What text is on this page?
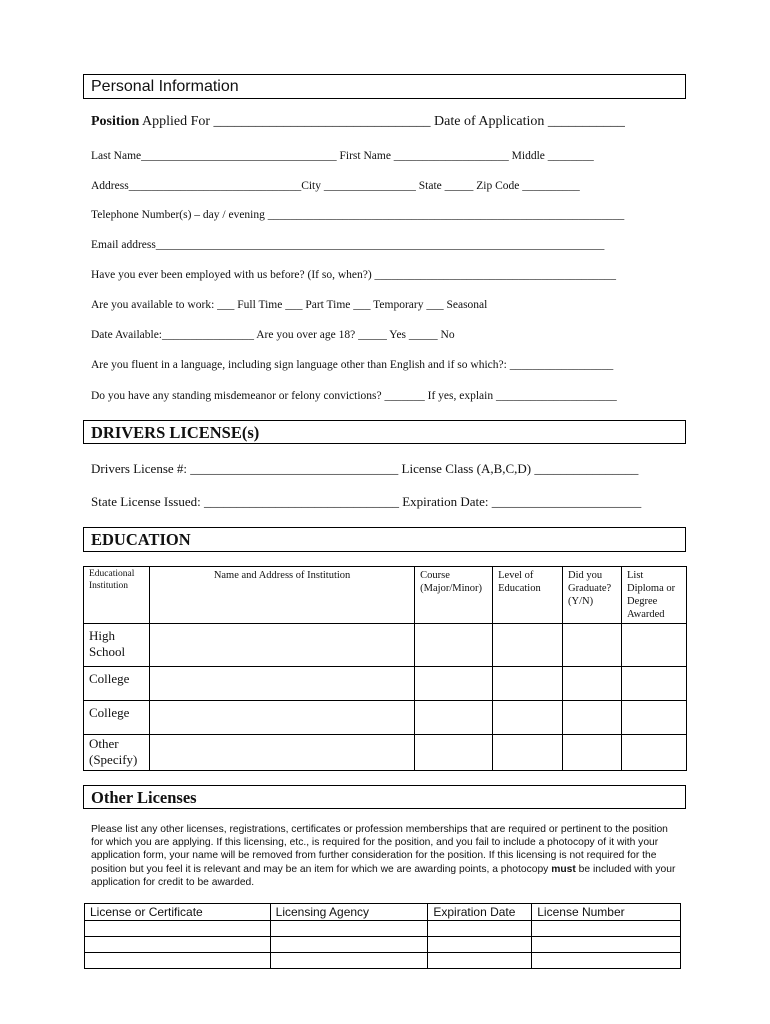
Personal Information
Position Applied For _______________________________ Date of Application ___________
Last Name__________________________________ First Name ____________________ Middle ________
Address______________________________City ________________ State _____ Zip Code __________
Telephone Number(s) – day / evening ______________________________________________________________
Email address______________________________________________________________________________
Have you ever been employed with us before? (If so, when?) __________________________________________
Are you available to work: ___ Full Time ___ Part Time ___ Temporary ___ Seasonal
Date Available:________________ Are you over age 18? _____ Yes _____ No
Are you fluent in a language, including sign language other than English and if so which?: __________________
Do you have any standing misdemeanor or felony convictions? _______ If yes, explain _____________________
DRIVERS LICENSE(s)
Drivers License #: ________________________________ License Class (A,B,C,D) ________________
State License Issued: ______________________________ Expiration Date: _______________________
EDUCATION
Educational Institution	Name and Address of Institution	Course (Major/Minor)	Level of Education	Did you Graduate? (Y/N)	List Diploma or Degree Awarded
High School					
College					
College					
Other (Specify)					
Other Licenses
Please list any other licenses, registrations, certificates or profession memberships that are required or pertinent to the position for which you are applying. If this licensing, etc., is required for the position, and you fail to include a photocopy of it with your application form, your name will be removed from further consideration for the position. If this licensing is not required for the position but you feel it is relevant and may be an item for which we are awarding points, a photocopy must be included with your application for credit to be awarded.
License or Certificate	Licensing Agency	Expiration Date	License Number
